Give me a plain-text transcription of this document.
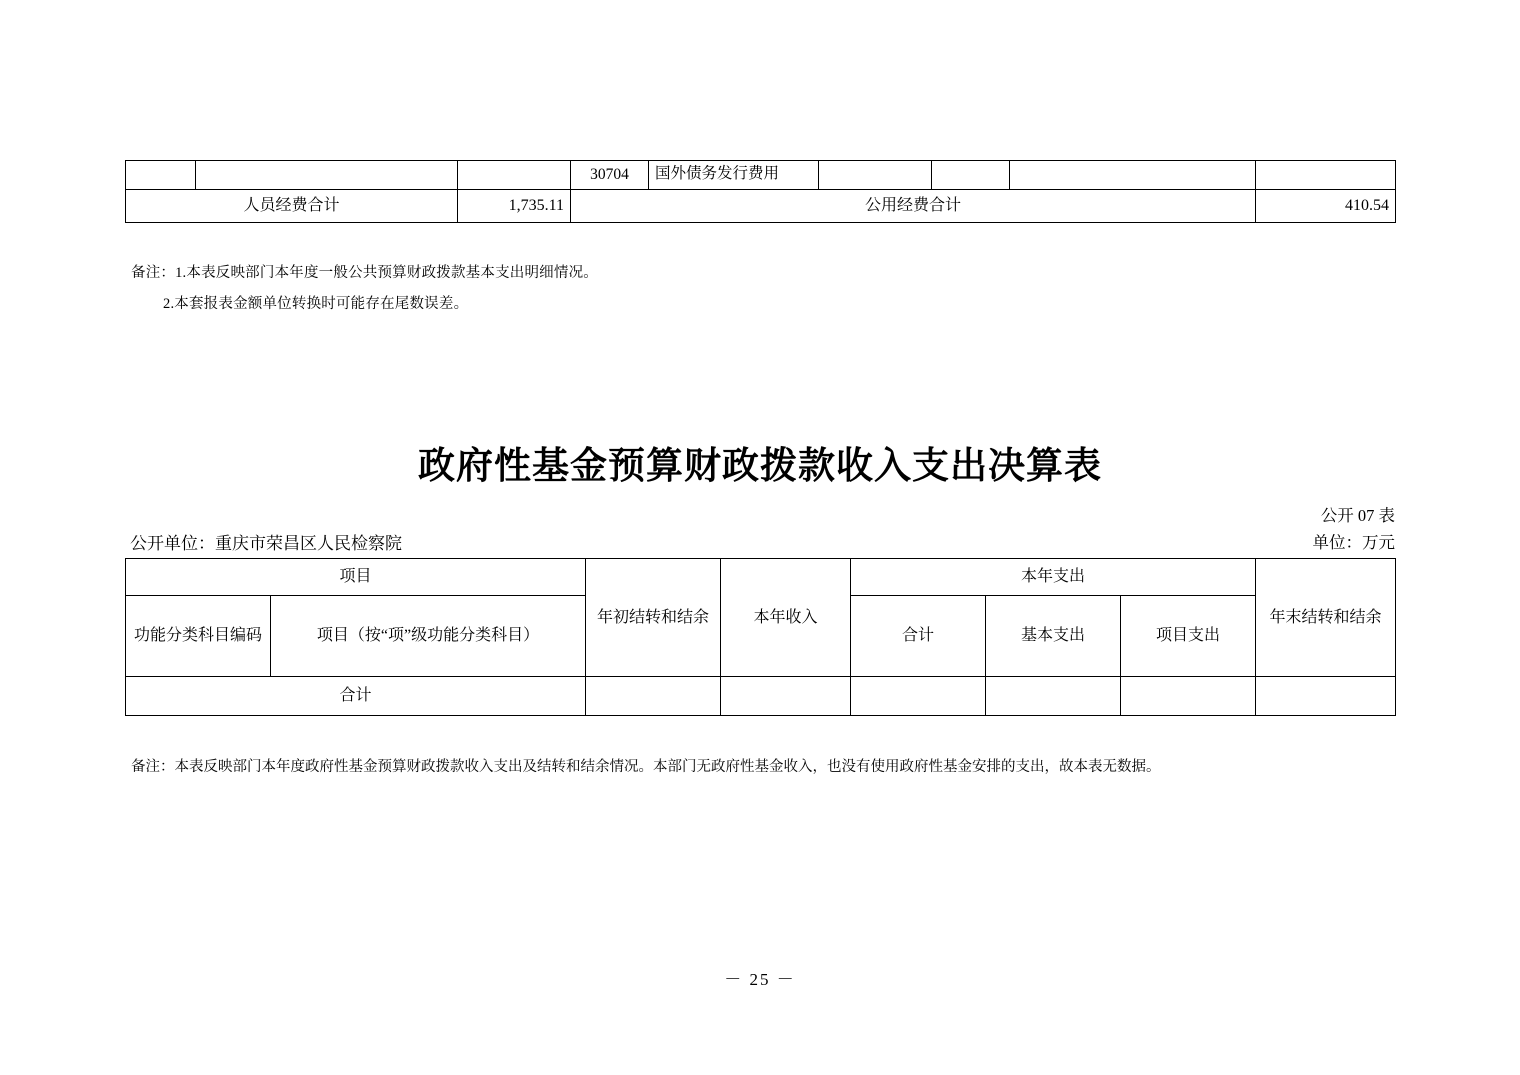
			30704	国外债务发行费用				
人员经费合计		1,735.11	公用经费合计					410.54
备注：1.本表反映部门本年度一般公共预算财政拨款基本支出明细情况。
2.本套报表金额单位转换时可能存在尾数误差。
政府性基金预算财政拨款收入支出决算表
公开 07 表
公开单位：重庆市荣昌区人民检察院	单位：万元
项目		年初结转和结余	本年收入	本年支出			年末结转和结余
功能分类科目编码	项目（按“项”级功能分类科目）			合计	基本支出	项目支出	
合计							
备注：本表反映部门本年度政府性基金预算财政拨款收入支出及结转和结余情况。本部门无政府性基金收入，也没有使用政府性基金安排的支出，故本表无数据。
－ 25 －
